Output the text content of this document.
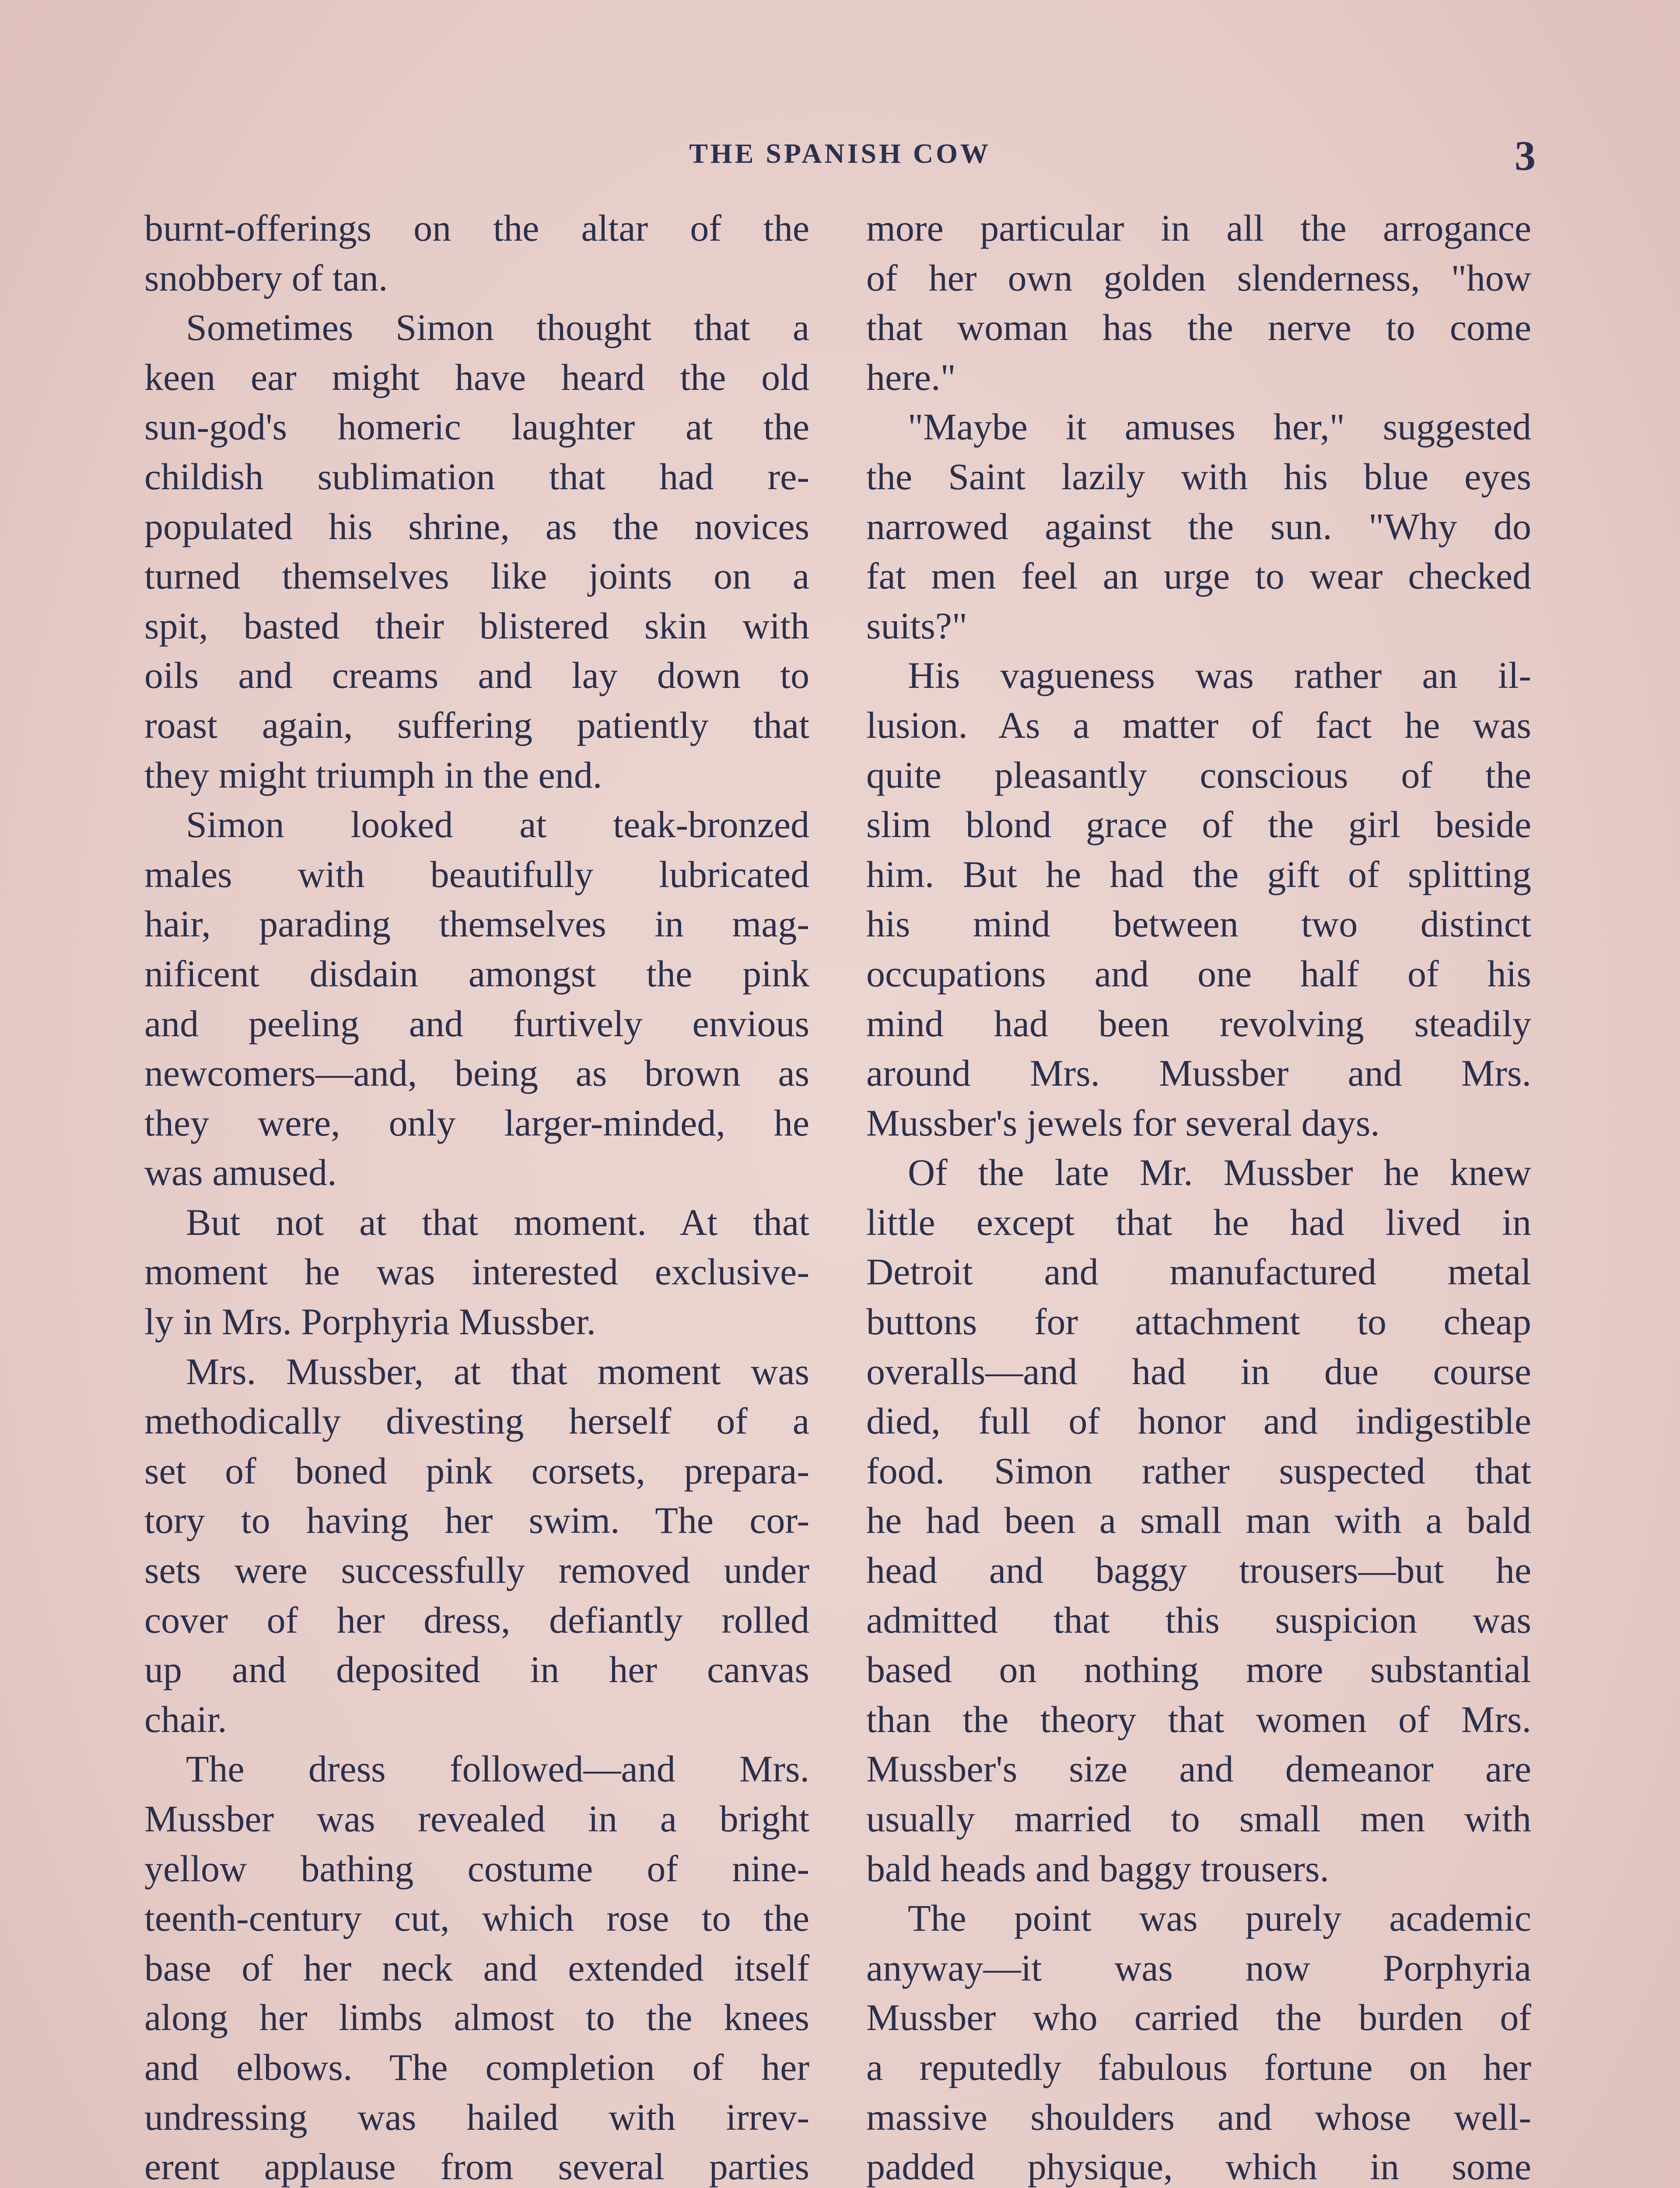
THE SPANISH COW	3
burnt-offerings on the altar of the
snobbery of tan.
Sometimes Simon thought that a
keen ear might have heard the old
sun-god's homeric laughter at the
childish sublimation that had re-
populated his shrine, as the novices
turned themselves like joints on a
spit, basted their blistered skin with
oils and creams and lay down to
roast again, suffering patiently that
they might triumph in the end.
Simon looked at teak-bronzed
males with beautifully lubricated
hair, parading themselves in mag-
nificent disdain amongst the pink
and peeling and furtively envious
newcomers—and, being as brown as
they were, only larger-minded, he
was amused.
But not at that moment. At that
moment he was interested exclusive-
ly in Mrs. Porphyria Mussber.
Mrs. Mussber, at that moment was
methodically divesting herself of a
set of boned pink corsets, prepara-
tory to having her swim. The cor-
sets were successfully removed under
cover of her dress, defiantly rolled
up and deposited in her canvas
chair.
The dress followed—and Mrs.
Mussber was revealed in a bright
yellow bathing costume of nine-
teenth-century cut, which rose to the
base of her neck and extended itself
along her limbs almost to the knees
and elbows. The completion of her
undressing was hailed with irrev-
erent applause from several parties
more particular in all the arrogance
of her own golden slenderness, "how
that woman has the nerve to come
here."
"Maybe it amuses her," suggested
the Saint lazily with his blue eyes
narrowed against the sun. "Why do
fat men feel an urge to wear checked
suits?"
His vagueness was rather an il-
lusion. As a matter of fact he was
quite pleasantly conscious of the
slim blond grace of the girl beside
him. But he had the gift of splitting
his mind between two distinct
occupations and one half of his
mind had been revolving steadily
around Mrs. Mussber and Mrs.
Mussber's jewels for several days.
Of the late Mr. Mussber he knew
little except that he had lived in
Detroit and manufactured metal
buttons for attachment to cheap
overalls—and had in due course
died, full of honor and indigestible
food. Simon rather suspected that
he had been a small man with a bald
head and baggy trousers—but he
admitted that this suspicion was
based on nothing more substantial
than the theory that women of Mrs.
Mussber's size and demeanor are
usually married to small men with
bald heads and baggy trousers.
The point was purely academic
anyway—it was now Porphyria
Mussber who carried the burden of
a reputedly fabulous fortune on her
massive shoulders and whose well-
padded physique, which in some
